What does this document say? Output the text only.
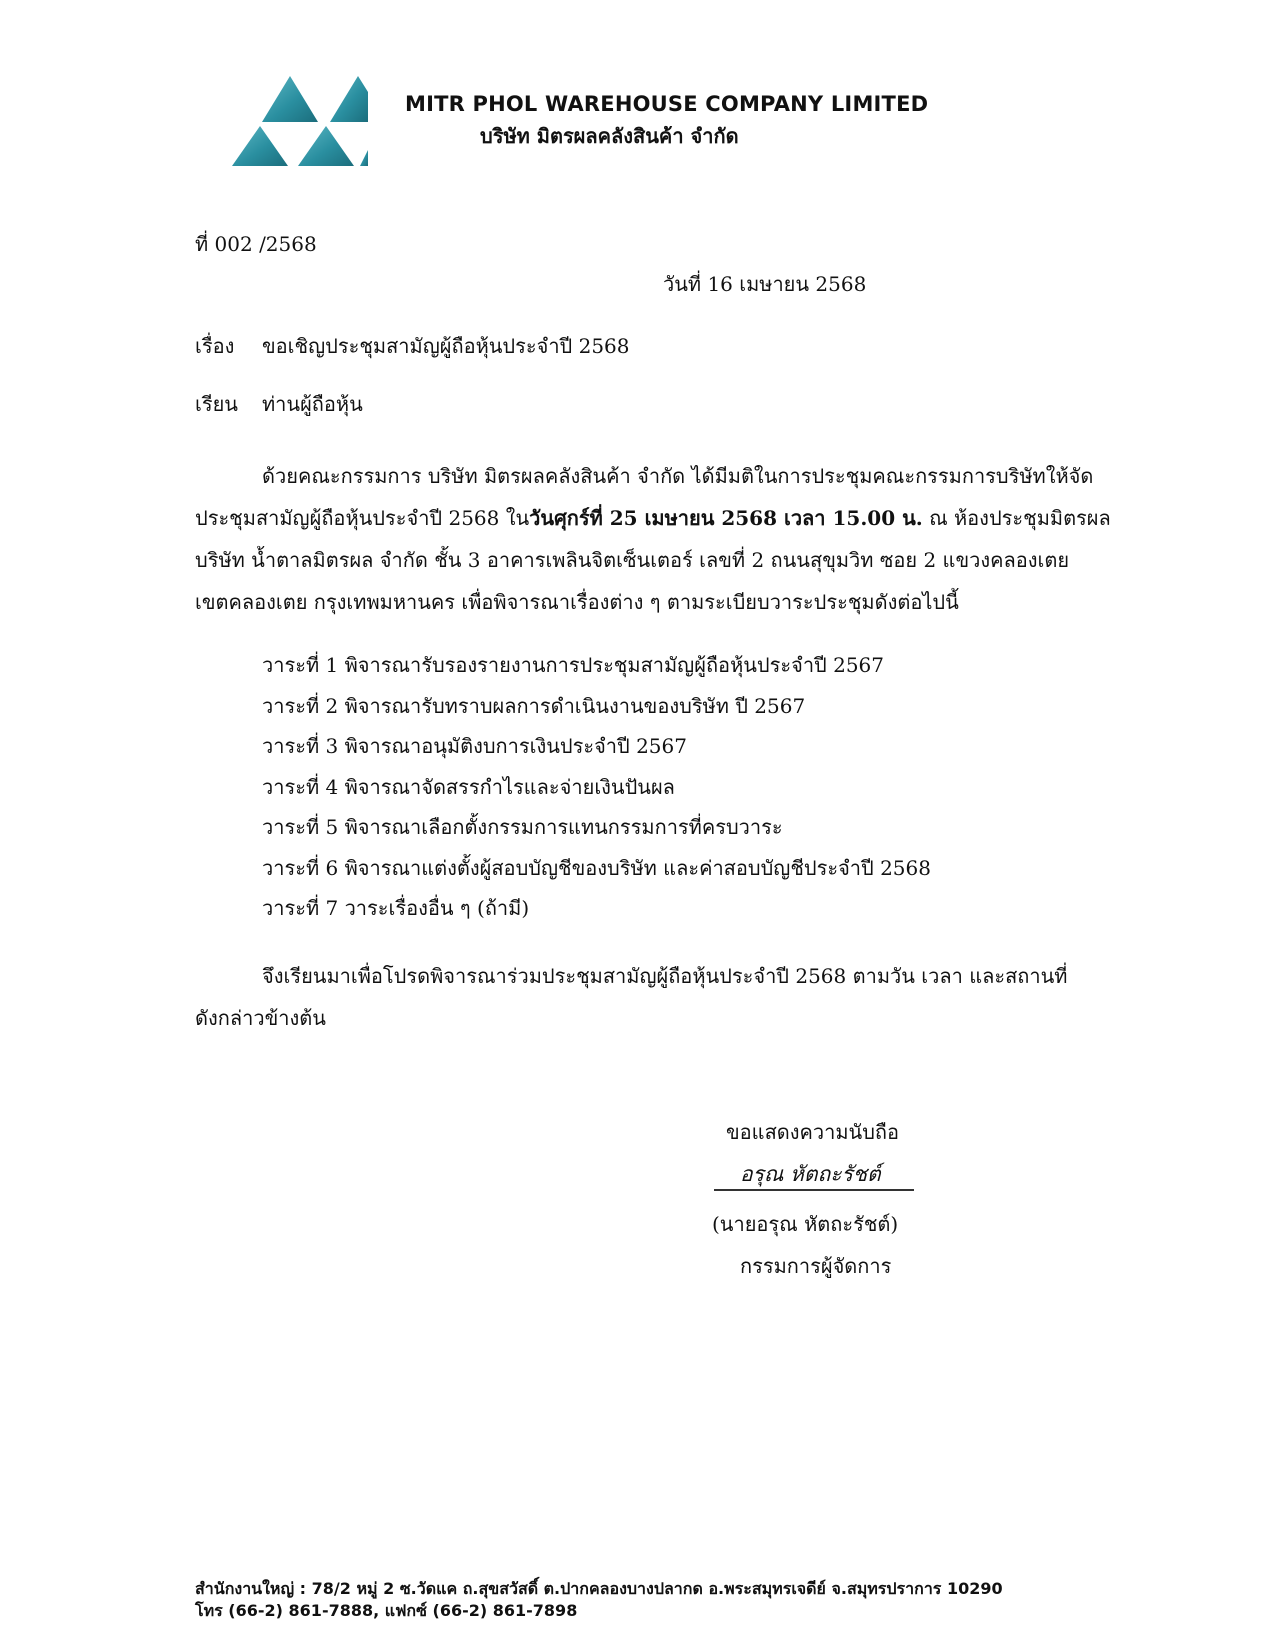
MITR PHOL WAREHOUSE COMPANY LIMITED
บริษัท มิตรผลคลังสินค้า จำกัด
ที่ 002 /2568
วันที่ 16 เมษายน 2568
เรื่อง ขอเชิญประชุมสามัญผู้ถือหุ้นประจำปี 2568
เรียน ท่านผู้ถือหุ้น
ด้วยคณะกรรมการ บริษัท มิตรผลคลังสินค้า จำกัด ได้มีมติในการประชุมคณะกรรมการบริษัทให้จัด
ประชุมสามัญผู้ถือหุ้นประจำปี 2568 ในวันศุกร์ที่ 25 เมษายน 2568 เวลา 15.00 น. ณ ห้องประชุมมิตรผล
บริษัท น้ำตาลมิตรผล จำกัด ชั้น 3 อาคารเพลินจิตเซ็นเตอร์ เลขที่ 2 ถนนสุขุมวิท ซอย 2 แขวงคลองเตย
เขตคลองเตย กรุงเทพมหานคร เพื่อพิจารณาเรื่องต่าง ๆ ตามระเบียบวาระประชุมดังต่อไปนี้
วาระที่ 1 พิจารณารับรองรายงานการประชุมสามัญผู้ถือหุ้นประจำปี 2567
วาระที่ 2 พิจารณารับทราบผลการดำเนินงานของบริษัท ปี 2567
วาระที่ 3 พิจารณาอนุมัติงบการเงินประจำปี 2567
วาระที่ 4 พิจารณาจัดสรรกำไรและจ่ายเงินปันผล
วาระที่ 5 พิจารณาเลือกตั้งกรรมการแทนกรรมการที่ครบวาระ
วาระที่ 6 พิจารณาแต่งตั้งผู้สอบบัญชีของบริษัท และค่าสอบบัญชีประจำปี 2568
วาระที่ 7 วาระเรื่องอื่น ๆ (ถ้ามี)
จึงเรียนมาเพื่อโปรดพิจารณาร่วมประชุมสามัญผู้ถือหุ้นประจำปี 2568 ตามวัน เวลา และสถานที่
ดังกล่าวข้างต้น
ขอแสดงความนับถือ
อรุณ หัตถะรัชต์
(นายอรุณ หัตถะรัชต์)
กรรมการผู้จัดการ
สำนักงานใหญ่ : 78/2 หมู่ 2 ซ.วัดแค ถ.สุขสวัสดิ์ ต.ปากคลองบางปลากด อ.พระสมุทรเจดีย์ จ.สมุทรปราการ 10290
โทร (66-2) 861-7888, แฟกซ์ (66-2) 861-7898
